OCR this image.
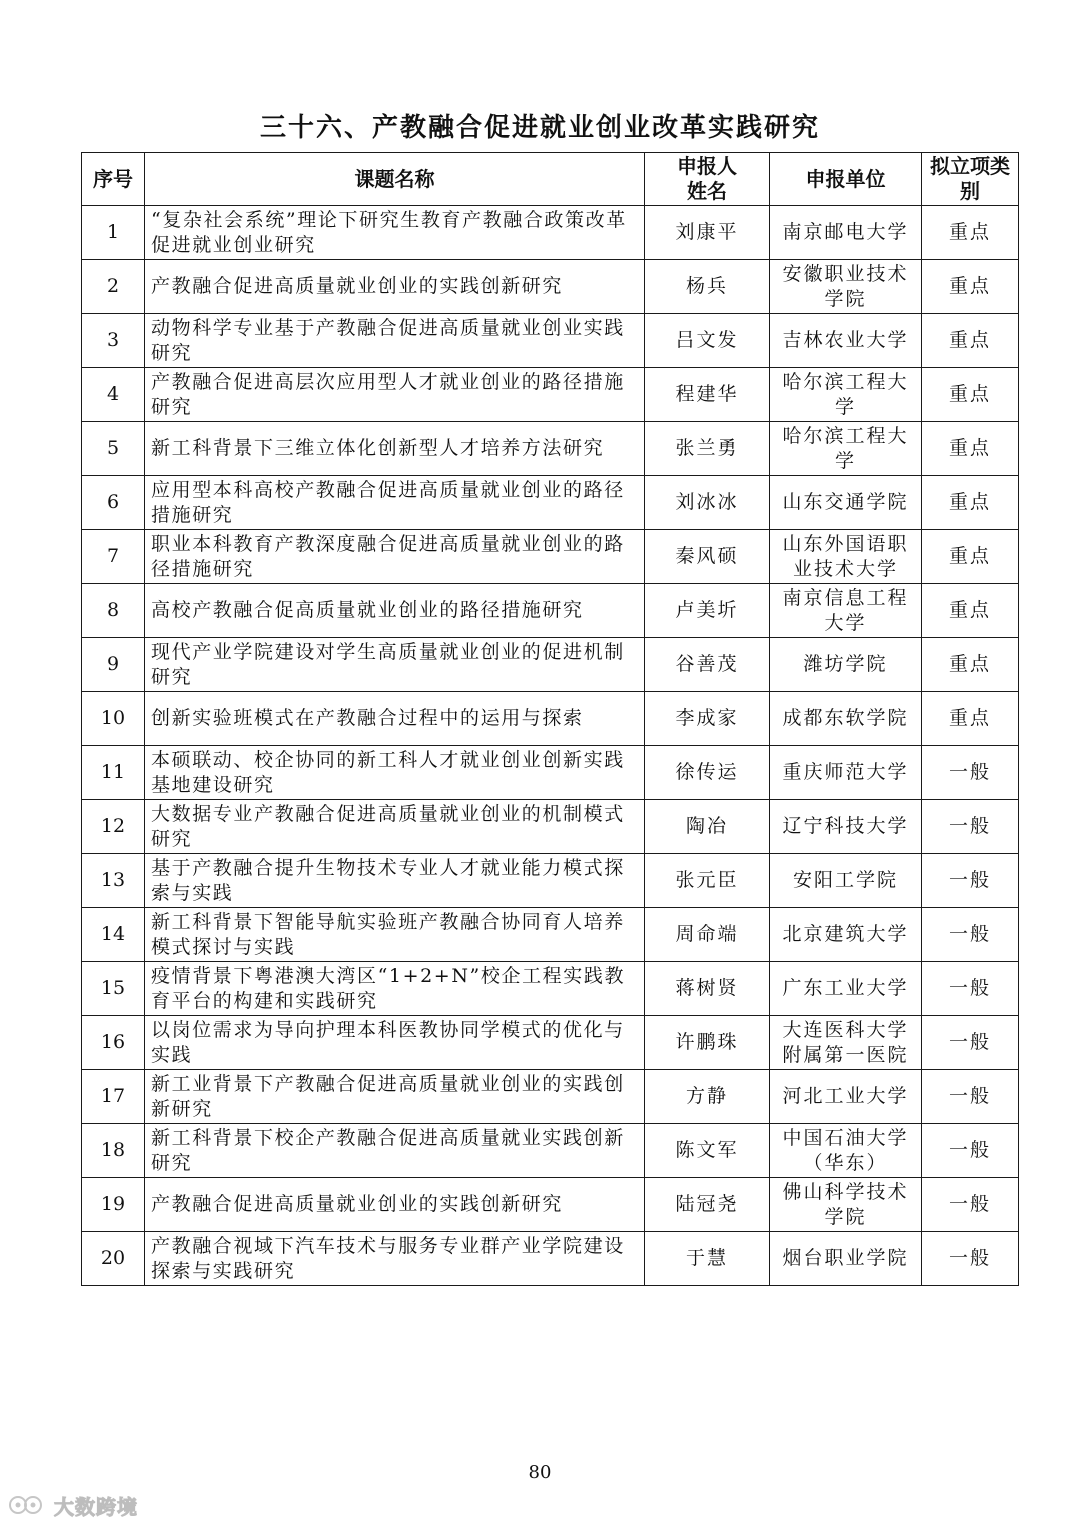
三十六、产教融合促进就业创业改革实践研究
序号	课题名称	申报人姓名	申报单位	拟立项类别
1	“复杂社会系统”理论下研究生教育产教融合政策改革促进就业创业研究	刘康平	南京邮电大学	重点
2	产教融合促进高质量就业创业的实践创新研究	杨兵	安徽职业技术学院	重点
3	动物科学专业基于产教融合促进高质量就业创业实践研究	吕文发	吉林农业大学	重点
4	产教融合促进高层次应用型人才就业创业的路径措施研究	程建华	哈尔滨工程大学	重点
5	新工科背景下三维立体化创新型人才培养方法研究	张兰勇	哈尔滨工程大学	重点
6	应用型本科高校产教融合促进高质量就业创业的路径措施研究	刘冰冰	山东交通学院	重点
7	职业本科教育产教深度融合促进高质量就业创业的路径措施研究	秦风硕	山东外国语职业技术大学	重点
8	高校产教融合促高质量就业创业的路径措施研究	卢美圻	南京信息工程大学	重点
9	现代产业学院建设对学生高质量就业创业的促进机制研究	谷善茂	潍坊学院	重点
10	创新实验班模式在产教融合过程中的运用与探索	李成家	成都东软学院	重点
11	本硕联动、校企协同的新工科人才就业创业创新实践基地建设研究	徐传运	重庆师范大学	一般
12	大数据专业产教融合促进高质量就业创业的机制模式研究	陶冶	辽宁科技大学	一般
13	基于产教融合提升生物技术专业人才就业能力模式探索与实践	张元臣	安阳工学院	一般
14	新工科背景下智能导航实验班产教融合协同育人培养模式探讨与实践	周命端	北京建筑大学	一般
15	疫情背景下粤港澳大湾区“1+2+N”校企工程实践教育平台的构建和实践研究	蒋树贤	广东工业大学	一般
16	以岗位需求为导向护理本科医教协同学模式的优化与实践	许鹏珠	大连医科大学附属第一医院	一般
17	新工业背景下产教融合促进高质量就业创业的实践创新研究	方静	河北工业大学	一般
18	新工科背景下校企产教融合促进高质量就业实践创新研究	陈文军	中国石油大学（华东）	一般
19	产教融合促进高质量就业创业的实践创新研究	陆冠尧	佛山科学技术学院	一般
20	产教融合视域下汽车技术与服务专业群产业学院建设探索与实践研究	于慧	烟台职业学院	一般
80
大数跨境
